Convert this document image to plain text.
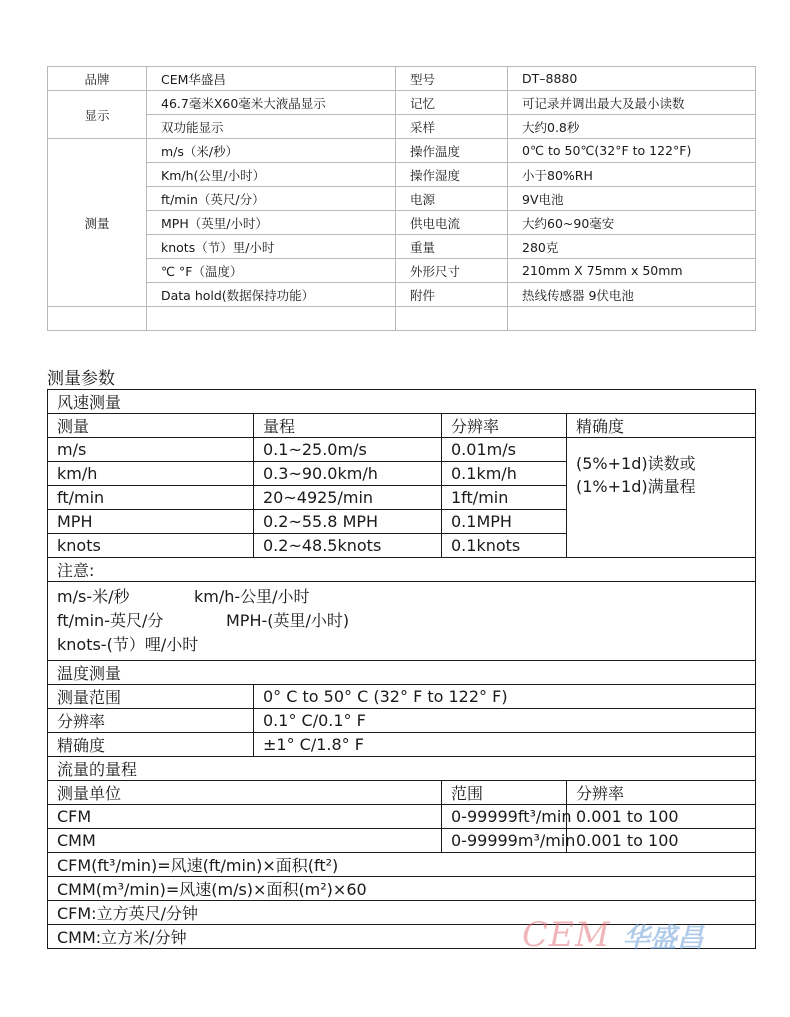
品牌	CEM华盛昌	型号	DT–8880
显示	46.7毫米X60毫米大液晶显示	记忆	可记录并调出最大及最小读数
	双功能显示	采样	大约0.8秒
测量	m/s（米/秒）	操作温度	0℃ to 50℃(32°F to 122°F)
	Km/h(公里/小时）	操作湿度	小于80%RH
	ft/min（英尺/分）	电源	9V电池
	MPH（英里/小时）	供电电流	大约60~90毫安
	knots（节）里/小时	重量	280克
	℃ °F（温度）	外形尺寸	210mm X 75mm x 50mm
	Data hold(数据保持功能）	附件	热线传感器 9伏电池

测量参数
风速测量			
测量	量程	分辨率	精确度
m/s	0.1~25.0m/s	0.01m/s	(5%+1d)读数或
(1%+1d)满量程

km/h	0.3~90.0km/h	0.1km/h	
ft/min	20~4925/min	1ft/min	
MPH	0.2~55.8 MPH	0.1MPH	
knots	0.2~48.5knots	0.1knots	
注意:			

m/s-米/秒 km/h-公里/小时
ft/min-英尺/分 MPH-(英里/小时)
knots-(节）哩/小时			

温度测量			
测量范围	0° C to 50° C (32° F to 122° F)		
分辨率	0.1° C/0.1° F		
精确度	±1° C/1.8° F		
流量的量程			
测量单位		范围	分辨率
CFM		0-99999ft³/min	0.001 to 100
CMM		0-99999m³/min	0.001 to 100
CFM(ft³/min)=风速(ft/min)×面积(ft²)			
CMM(m³/min)=风速(m/s)×面积(m²)×60			
CFM:立方英尺/分钟			
CMM:立方米/分钟				CEM 华盛昌
